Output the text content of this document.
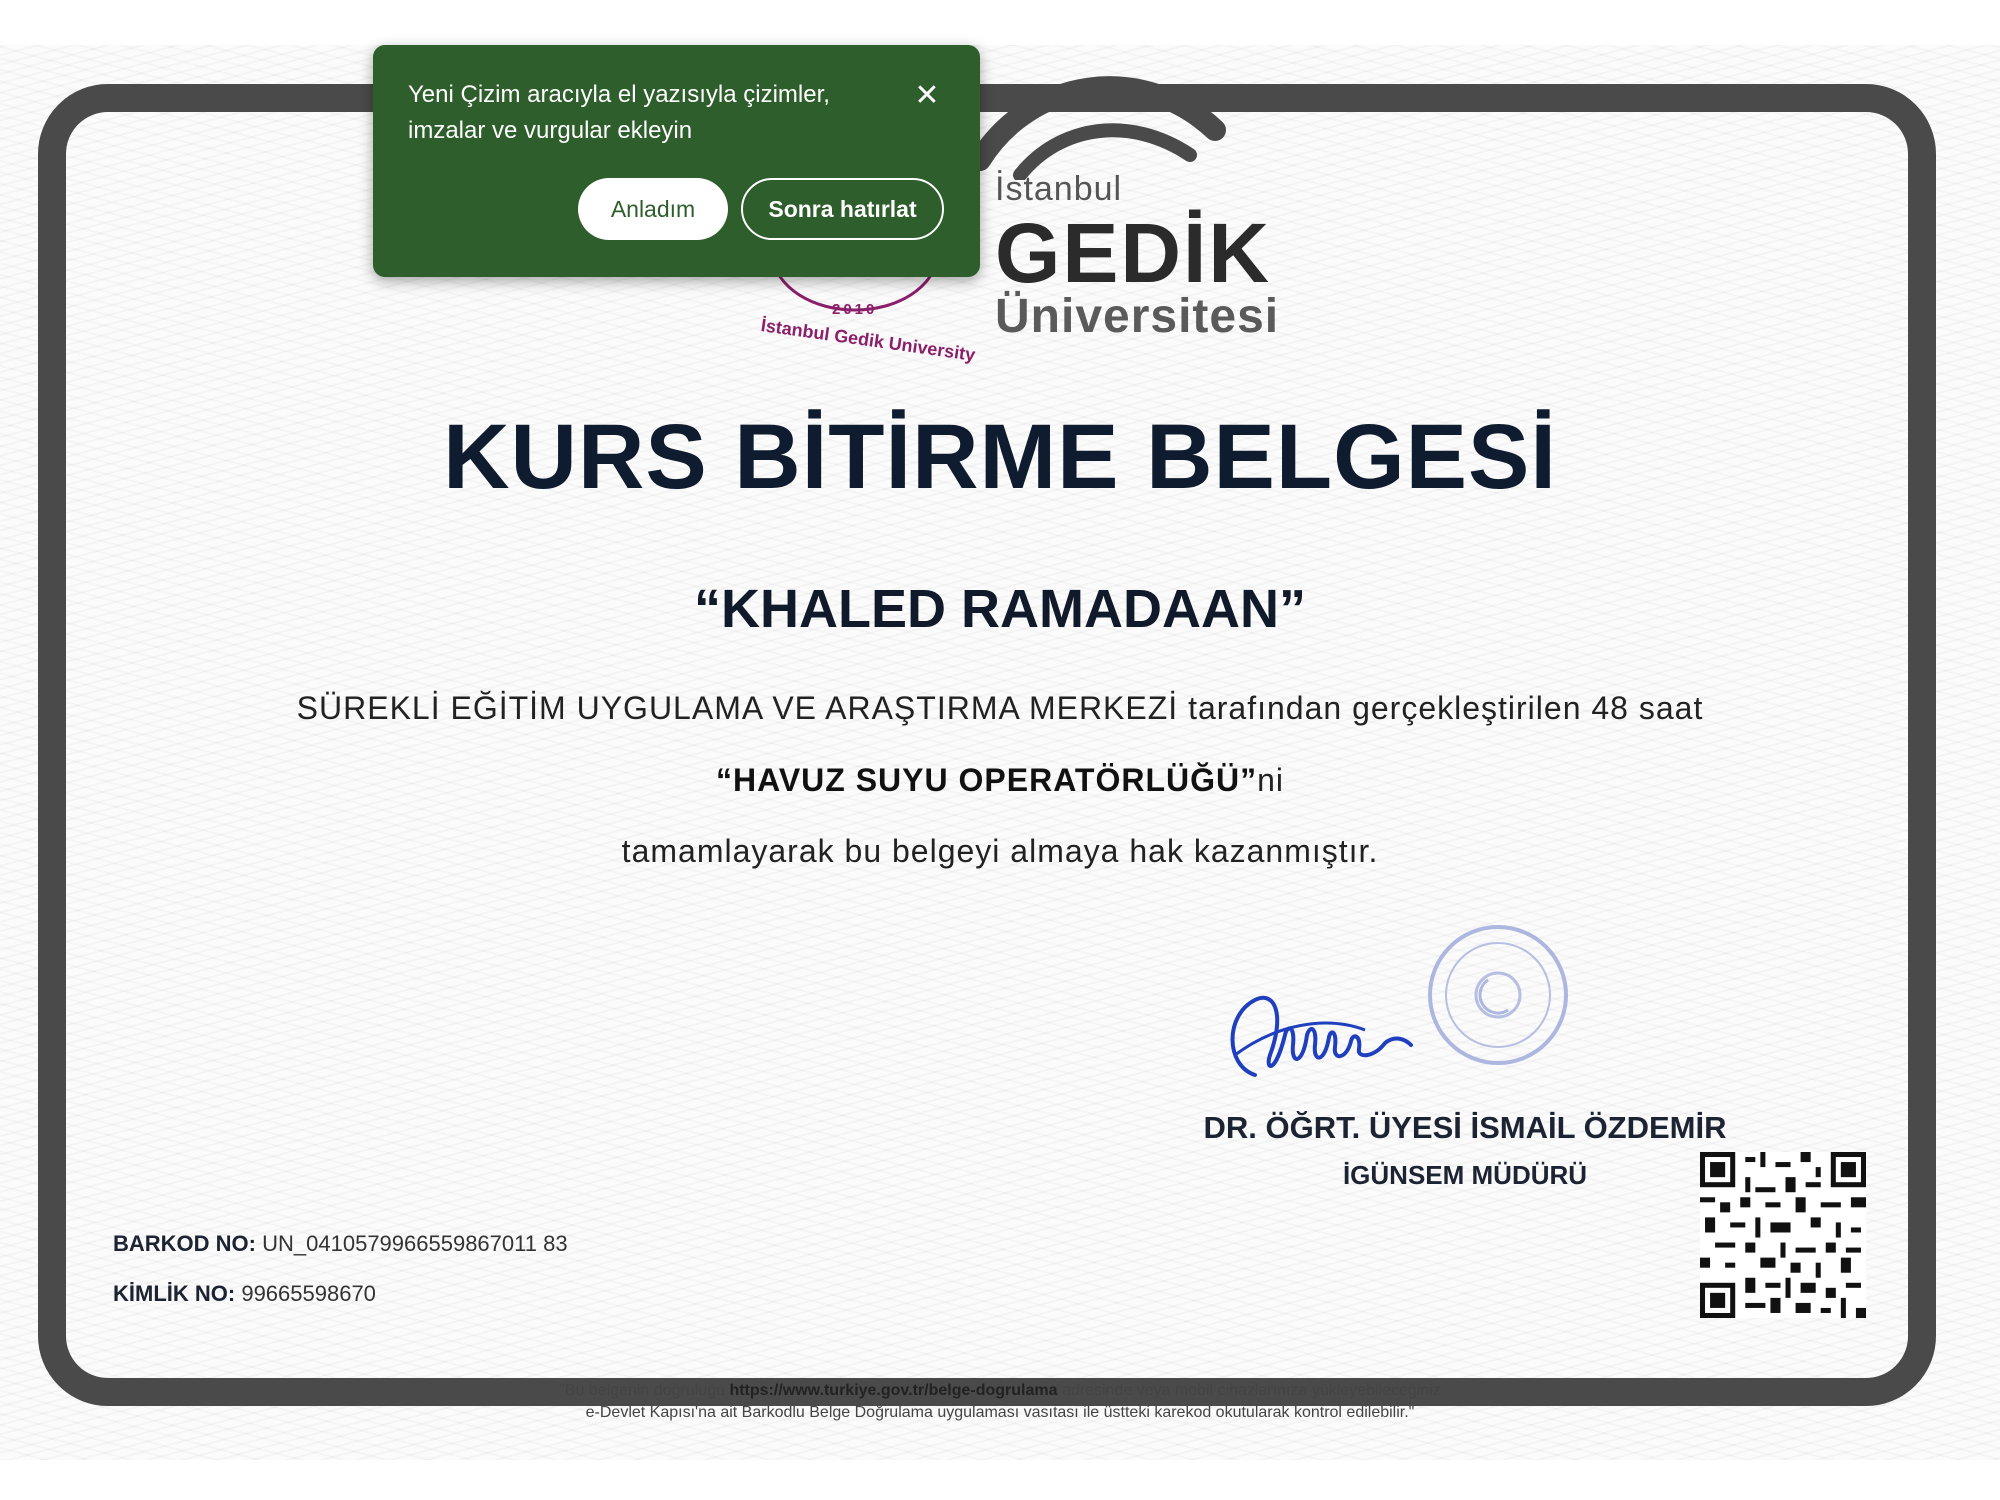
2010
İstanbul Gedik University
İstanbul
GEDİK
Üniversitesi
KURS BİTİRME BELGESİ
“KHALED RAMADAAN”
SÜREKLİ EĞİTİM UYGULAMA VE ARAŞTIRMA MERKEZİ tarafından gerçekleştirilen 48 saat
“HAVUZ SUYU OPERATÖRLÜĞÜ”ni
tamamlayarak bu belgeyi almaya hak kazanmıştır.
DR. ÖĞRT. ÜYESİ İSMAİL ÖZDEMİR
İGÜNSEM MÜDÜRÜ
BARKOD NO: UN_0410579966559867011 83
KİMLİK NO: 99665598670
"Bu belgenin doğruluğu https://www.turkiye.gov.tr/belge-dogrulama adresinde veya mobil cihazlarınıza yükleyebileceğiniz
e-Devlet Kapısı'na ait Barkodlu Belge Doğrulama uygulaması vasıtası ile üstteki karekod okutularak kontrol edilebilir."
Yeni Çizim aracıyla el yazısıyla çizimler, imzalar ve vurgular ekleyin
✕
Anladım	Sonra hatırlat
